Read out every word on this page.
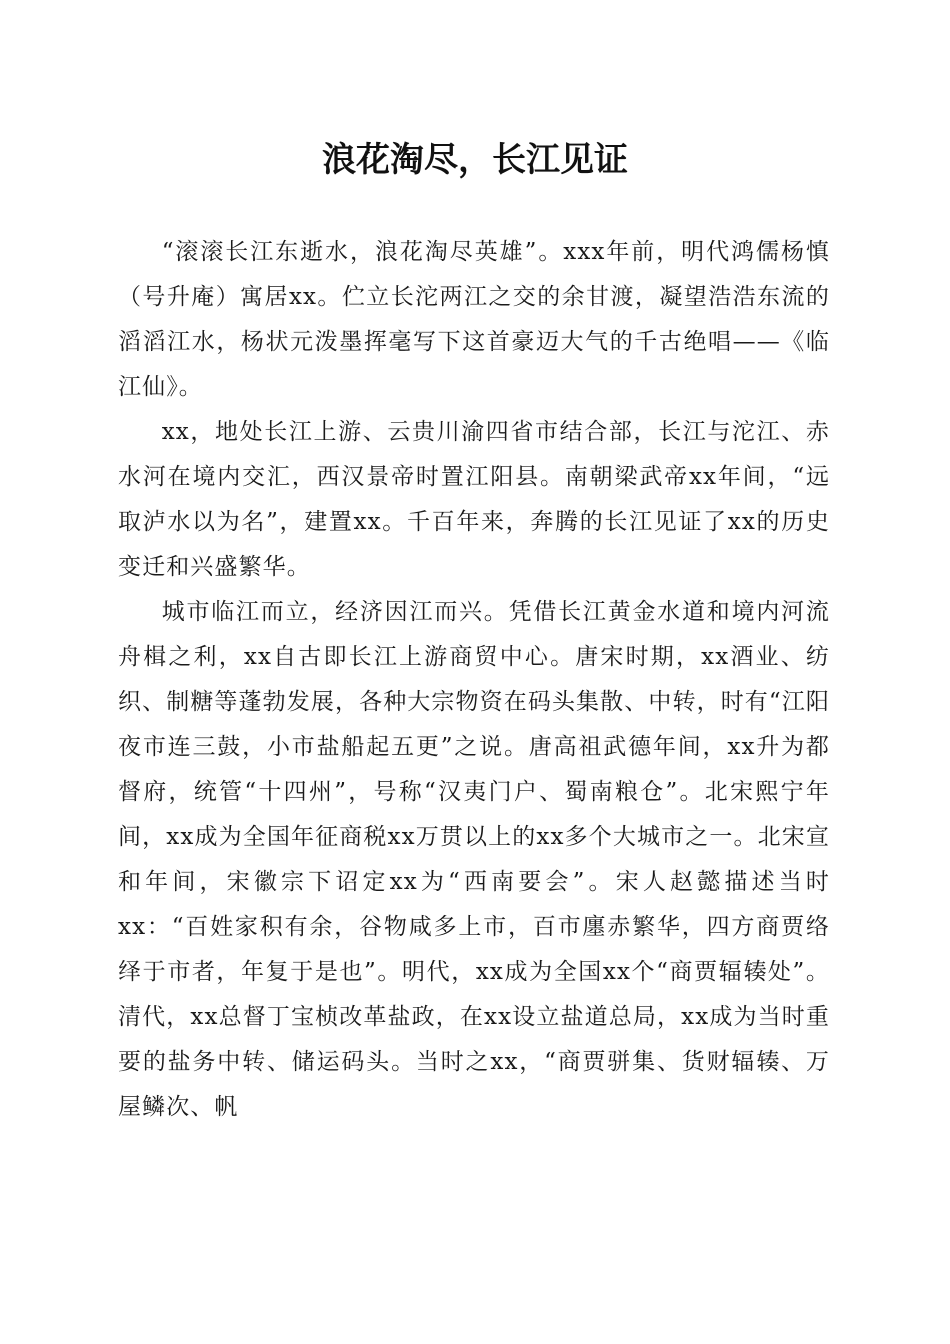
浪花淘尽，长江见证

“滚滚长江东逝水，浪花淘尽英雄”。xxx年前，明代鸿儒杨慎（号升庵）寓居xx。伫立长沱两江之交的余甘渡，凝望浩浩东流的滔滔江水，杨状元泼墨挥毫写下这首豪迈大气的千古绝唱——《临江仙》。

xx，地处长江上游、云贵川渝四省市结合部，长江与沱江、赤水河在境内交汇，西汉景帝时置江阳县。南朝梁武帝xx年间，“远取泸水以为名”，建置xx。千百年来，奔腾的长江见证了xx的历史变迁和兴盛繁华。

城市临江而立，经济因江而兴。凭借长江黄金水道和境内河流舟楫之利，xx自古即长江上游商贸中心。唐宋时期，xx酒业、纺织、制糖等蓬勃发展，各种大宗物资在码头集散、中转，时有“江阳夜市连三鼓，小市盐船起五更”之说。唐高祖武德年间，xx升为都督府，统管“十四州”，号称“汉夷门户、蜀南粮仓”。北宋熙宁年间，xx成为全国年征商税xx万贯以上的xx多个大城市之一。北宋宣和年间，宋徽宗下诏定xx为“西南要会”。宋人赵懿描述当时xx：“百姓家积有余，谷物咸多上市，百市廛赤繁华，四方商贾络绎于市者，年复于是也”。明代，xx成为全国xx个“商贾辐辏处”。清代，xx总督丁宝桢改革盐政，在xx设立盐道总局，xx成为当时重要的盐务中转、储运码头。当时之xx，“商贾骈集、货财辐辏、万屋鳞次、帆
